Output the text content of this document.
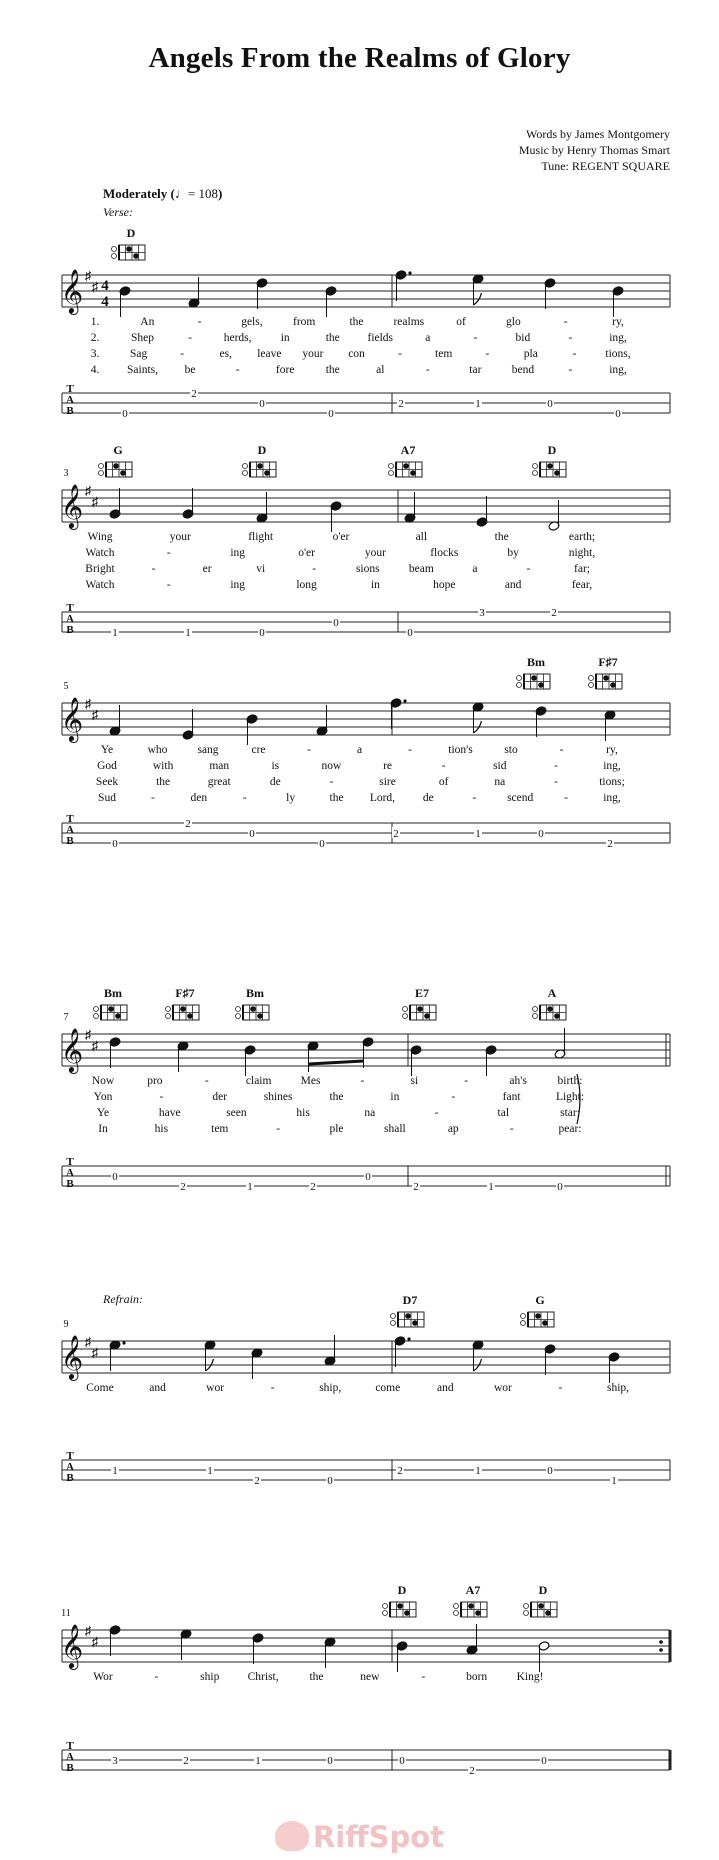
Angels From the Realms of Glory
Words by James Montgomery
Music by Henry Thomas Smart
Tune: REGENT SQUARE
Moderately (♩= 108)
Verse:
Refrain:
𝄞 ♯
♯ 4
4
D
1.	An	-	gels,	from	the	realms	of	glo	-	ry,
2.	Shep	-	herds,	in	the fields	a	-	bid	-	ing,
3.	Sag	-	es, leave your con	-	tem	-	pla	-	tions,
4. Saints, be	-	fore	the	al	-	tar	bend	-	ing,
T
A
B	0
2
0
0
2	1	0
0
3
𝄞 ♯
♯
G	D	A7	D
Wing	your	flight	o'er	all	the	earth;
Watch	-	ing	o'er	your	flocks	by	night,
Bright	-	er	vi	-	sions	beam	a	-	far;
Watch	-	ing	long	in	hope	and	fear,
T
A
B	1	1	0
0
0
3	2
5
𝄞 ♯
♯
Bm	F♯7
Ye	who	sang	cre	-	a	-	tion's	sto	-	ry,
God	with	man	is	now	re	-	sid	-	ing,
Seek	the	great	de	-	sire	of	na	-	tions;
Sud	-	den	-	ly	the Lord, de	-	scend	-	ing,
T
A
B	0
2
0
0
2	1	0
2
7
𝄞 ♯
♯
Bm	F♯7	Bm	E7	A
Now	pro	-	claim	Mes	-	si	-	ah's	birth:
Yon	-	der	shines	the	in	-	fant	Light:
Ye	have	seen	his	na	-	tal	star:
In	his	tem	-	ple	shall	ap	-	pear:
T
A
B
0
2	1	2
0
2	1	0
9
𝄞 ♯
♯
D7	G
Come	and	wor	-	ship,	come	and	wor	-	ship,
T
A
B
1	1
2	0
2	1	0
1
11
𝄞 ♯
♯
D	A7	D
Wor	-	ship Christ,	the	new	-	born	King!
T
A
B
3	2	1	0	0
2
0
RiffSpot
